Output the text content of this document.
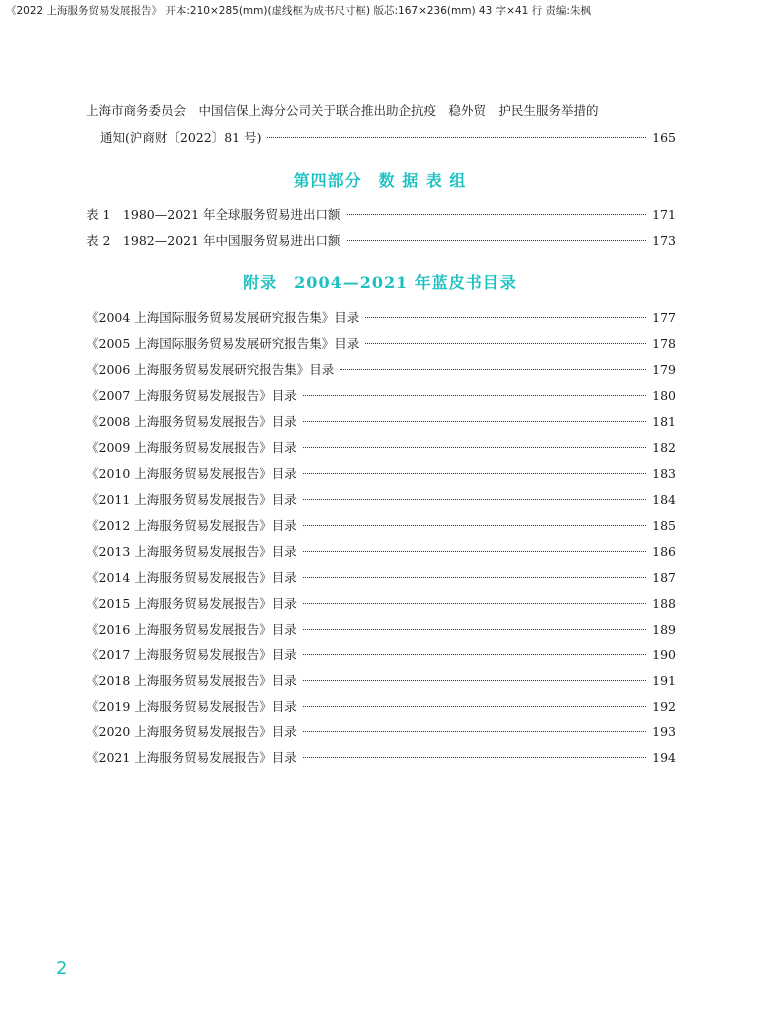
《2022 上海服务贸易发展报告》 开本:210×285(mm)(虚线框为成书尺寸框) 版芯:167×236(mm) 43 字×41 行 责编:朱枫
上海市商务委员会　中国信保上海分公司关于联合推出助企抗疫　稳外贸　护民生服务举措的
通知(沪商财〔2022〕81 号)	165
第四部分　数 据 表 组
表 1　1980—2021 年全球服务贸易进出口额	171
表 2　1982—2021 年中国服务贸易进出口额	173
附录　2004—2021 年蓝皮书目录
《2004 上海国际服务贸易发展研究报告集》目录	177
《2005 上海国际服务贸易发展研究报告集》目录	178
《2006 上海服务贸易发展研究报告集》目录	179
《2007 上海服务贸易发展报告》目录	180
《2008 上海服务贸易发展报告》目录	181
《2009 上海服务贸易发展报告》目录	182
《2010 上海服务贸易发展报告》目录	183
《2011 上海服务贸易发展报告》目录	184
《2012 上海服务贸易发展报告》目录	185
《2013 上海服务贸易发展报告》目录	186
《2014 上海服务贸易发展报告》目录	187
《2015 上海服务贸易发展报告》目录	188
《2016 上海服务贸易发展报告》目录	189
《2017 上海服务贸易发展报告》目录	190
《2018 上海服务贸易发展报告》目录	191
《2019 上海服务贸易发展报告》目录	192
《2020 上海服务贸易发展报告》目录	193
《2021 上海服务贸易发展报告》目录	194
2
